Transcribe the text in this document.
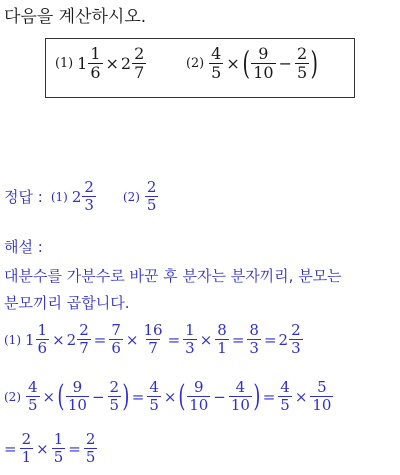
다음을 계산하시오.
(1) $1 \frac{1}{6} \times 2 \frac{2}{7}$	$(2) \frac{4}{5}$ × ( $\frac{9}{10} - \frac{2}{5}$ )
정답 : (1) $2 \frac{2}{3} (2) \frac{2}{5}$
해설 :
대분수를 가분수로 바꾼 후 분자는 분자끼리, 분모는
분모끼리 곱합니다.
(1) $1 \frac{1}{6} \times 2 \frac{2}{7} = \frac{7}{6} \times \frac{16}{7} = \frac{1}{3} \times \frac{8}{1} = \frac{8}{3} = 2 \frac{2}{3}$
$(2) \frac{4}{5}$ × ( $\frac{9}{10} - \frac{2}{5}$ ) = $\frac{4}{5}$ × ( $\frac{9}{10} - \frac{4}{10}$ ) = $\frac{4}{5} \times \frac{5}{10}$
= $\frac{2}{1} \times \frac{1}{5} = \frac{2}{5}$
